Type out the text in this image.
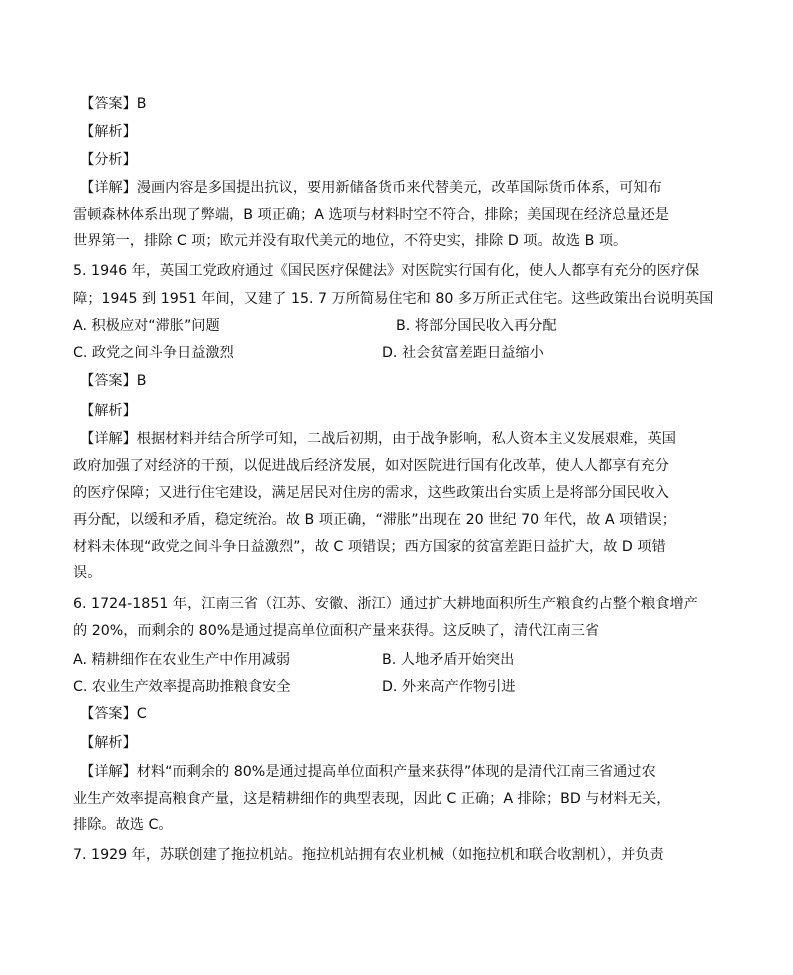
【答案】B
【解析】
【分析】
【详解】漫画内容是多国提出抗议，要用新储备货币来代替美元，改革国际货币体系，可知布
雷顿森林体系出现了弊端，B 项正确；A 选项与材料时空不符合，排除；美国现在经济总量还是
世界第一，排除 C 项；欧元并没有取代美元的地位，不符史实，排除 D 项。故选 B 项。
5. 1946 年，英国工党政府通过《国民医疗保健法》对医院实行国有化，使人人都享有充分的医疗保
障；1945 到 1951 年间，又建了 15. 7 万所简易住宅和 80 多万所正式住宅。这些政策出台说明英国
A. 积极应对“滞胀”问题	B. 将部分国民收入再分配
C. 政党之间斗争日益激烈	D. 社会贫富差距日益缩小
【答案】B
【解析】
【详解】根据材料并结合所学可知，二战后初期，由于战争影响，私人资本主义发展艰难，英国
政府加强了对经济的干预，以促进战后经济发展，如对医院进行国有化改革，使人人都享有充分
的医疗保障；又进行住宅建设，满足居民对住房的需求，这些政策出台实质上是将部分国民收入
再分配，以缓和矛盾，稳定统治。故 B 项正确，“滞胀”出现在 20 世纪 70 年代，故 A 项错误；
材料未体现“政党之间斗争日益激烈”，故 C 项错误；西方国家的贫富差距日益扩大，故 D 项错
误。
6. 1724-1851 年，江南三省（江苏、安徽、浙江）通过扩大耕地面积所生产粮食约占整个粮食增产
的 20%，而剩余的 80%是通过提高单位面积产量来获得。这反映了，清代江南三省
A. 精耕细作在农业生产中作用减弱	B. 人地矛盾开始突出
C. 农业生产效率提高助推粮食安全	D. 外来高产作物引进
【答案】C
【解析】
【详解】材料“而剩余的 80%是通过提高单位面积产量来获得”体现的是清代江南三省通过农
业生产效率提高粮食产量，这是精耕细作的典型表现，因此 C 正确；A 排除；BD 与材料无关，
排除。故选 C。
7. 1929 年，苏联创建了拖拉机站。拖拉机站拥有农业机械（如拖拉机和联合收割机），并负责
